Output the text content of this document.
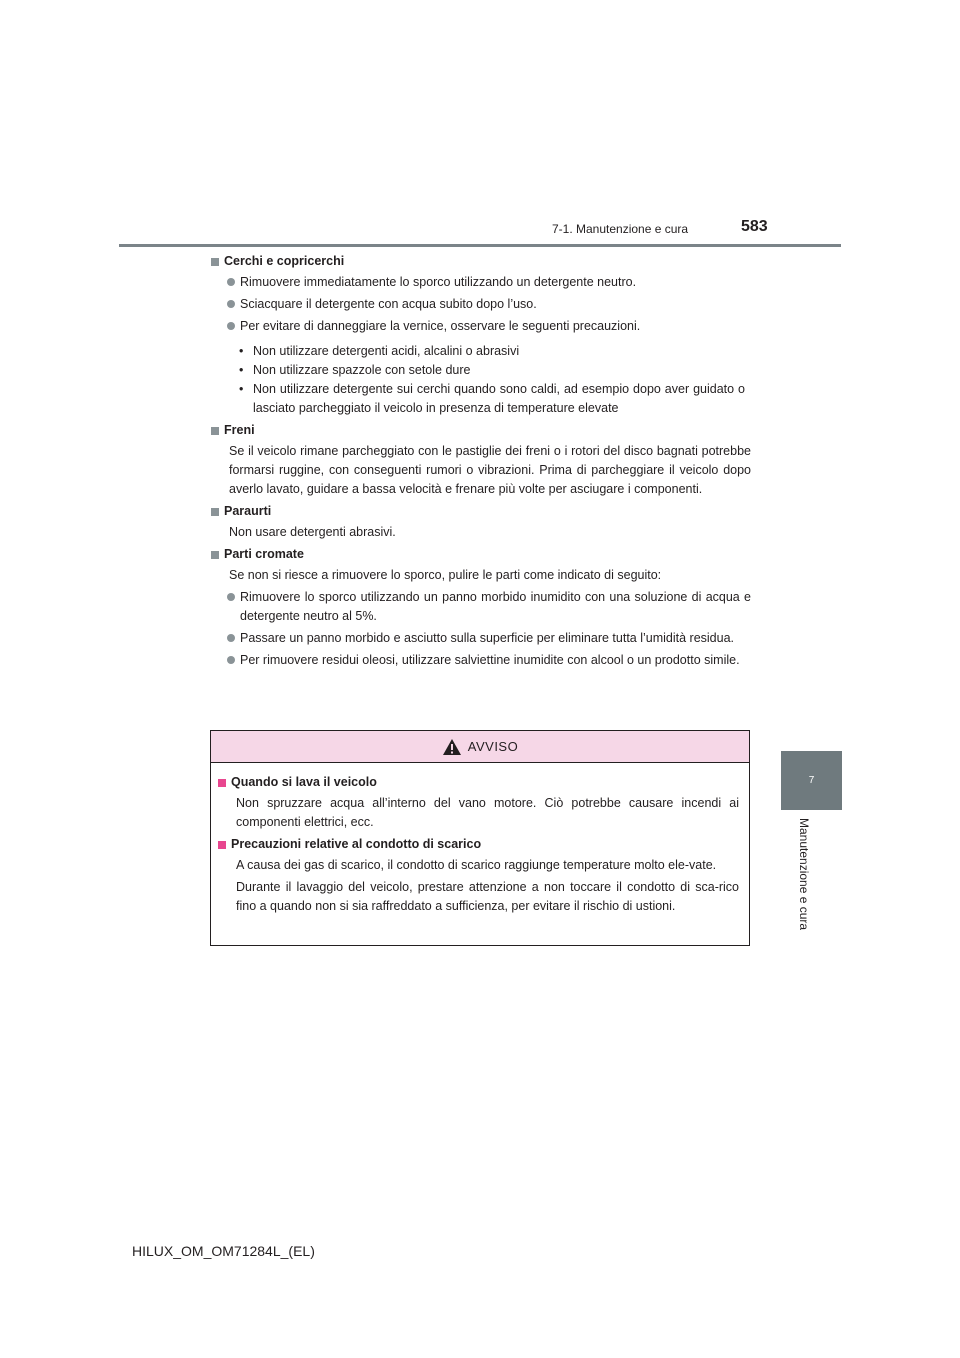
7-1. Manutenzione e cura	583
7
Manutenzione e cura
Cerchi e copricerchi
Rimuovere immediatamente lo sporco utilizzando un detergente neutro.
Sciacquare il detergente con acqua subito dopo l’uso.
Per evitare di danneggiare la vernice, osservare le seguenti precauzioni.
• Non utilizzare detergenti acidi, alcalini o abrasivi
• Non utilizzare spazzole con setole dure
• Non utilizzare detergente sui cerchi quando sono caldi, ad esempio dopo aver guidato o lasciato parcheggiato il veicolo in presenza di temperature elevate
Freni
Se il veicolo rimane parcheggiato con le pastiglie dei freni o i rotori del disco bagnati potrebbe formarsi ruggine, con conseguenti rumori o vibrazioni. Prima di parcheggiare il veicolo dopo averlo lavato, guidare a bassa velocità e frenare più volte per asciugare i componenti.
Paraurti
Non usare detergenti abrasivi.
Parti cromate
Se non si riesce a rimuovere lo sporco, pulire le parti come indicato di seguito:
Rimuovere lo sporco utilizzando un panno morbido inumidito con una soluzione di acqua e detergente neutro al 5%.
Passare un panno morbido e asciutto sulla superficie per eliminare tutta l’umidità residua.
Per rimuovere residui oleosi, utilizzare salviettine inumidite con alcool o un prodotto simile.
AVVISO
Quando si lava il veicolo
Non spruzzare acqua all’interno del vano motore. Ciò potrebbe causare incendi ai componenti elettrici, ecc.
Precauzioni relative al condotto di scarico
A causa dei gas di scarico, il condotto di scarico raggiunge temperature molto ele-vate.
Durante il lavaggio del veicolo, prestare attenzione a non toccare il condotto di sca-rico fino a quando non si sia raffreddato a sufficienza, per evitare il rischio di ustioni.
HILUX_OM_OM71284L_(EL)
